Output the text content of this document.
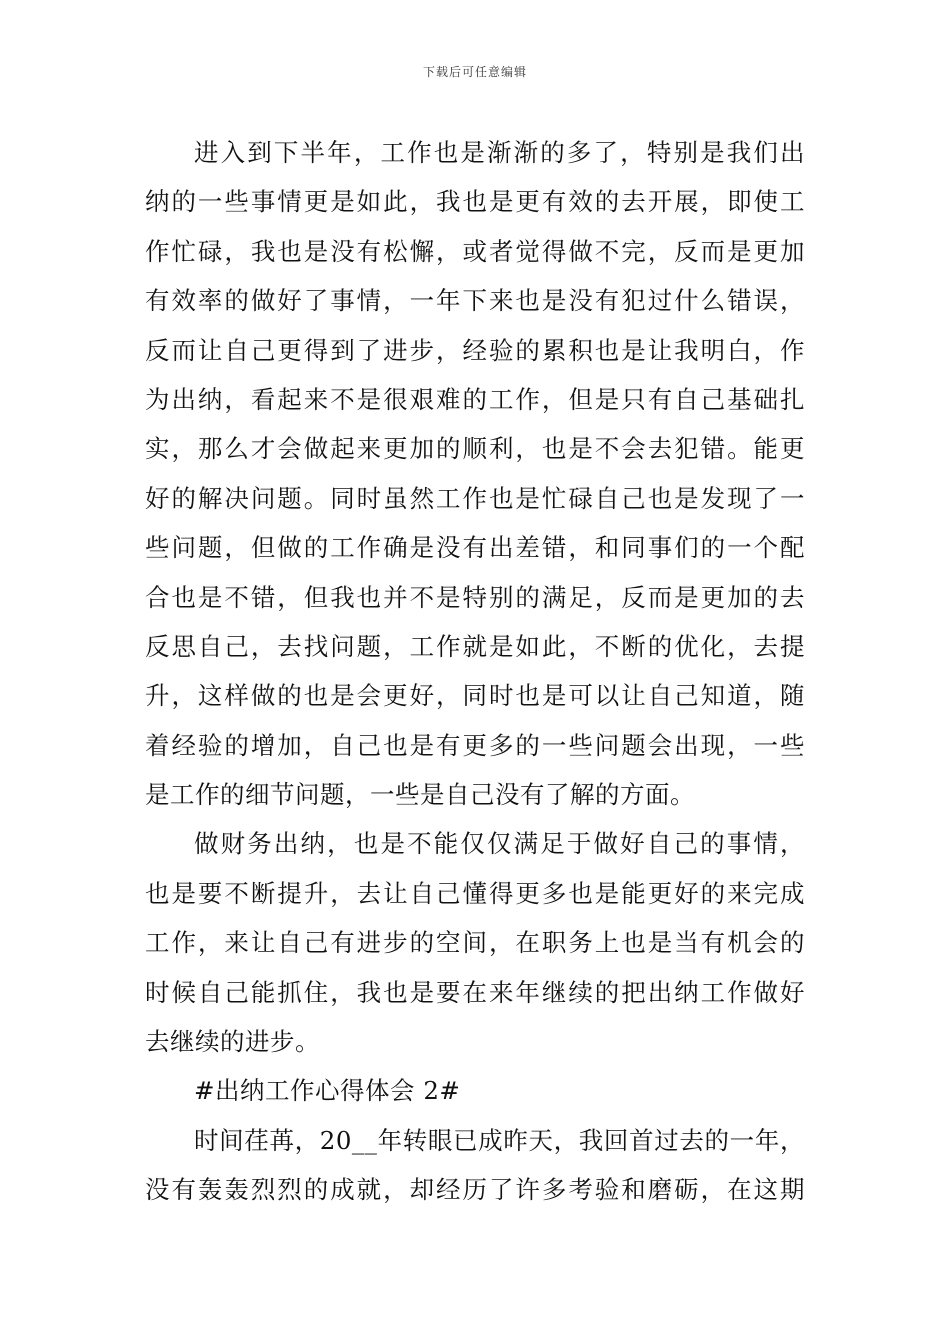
下载后可任意编辑
进入到下半年，工作也是渐渐的多了，特别是我们出
纳的一些事情更是如此，我也是更有效的去开展，即使工
作忙碌，我也是没有松懈，或者觉得做不完，反而是更加
有效率的做好了事情，一年下来也是没有犯过什么错误，
反而让自己更得到了进步，经验的累积也是让我明白，作
为出纳，看起来不是很艰难的工作，但是只有自己基础扎
实，那么才会做起来更加的顺利，也是不会去犯错。能更
好的解决问题。同时虽然工作也是忙碌自己也是发现了一
些问题，但做的工作确是没有出差错，和同事们的一个配
合也是不错，但我也并不是特别的满足，反而是更加的去
反思自己，去找问题，工作就是如此，不断的优化，去提
升，这样做的也是会更好，同时也是可以让自己知道，随
着经验的增加，自己也是有更多的一些问题会出现，一些
是工作的细节问题，一些是自己没有了解的方面。
做财务出纳，也是不能仅仅满足于做好自己的事情，
也是要不断提升，去让自己懂得更多也是能更好的来完成
工作，来让自己有进步的空间，在职务上也是当有机会的
时候自己能抓住，我也是要在来年继续的把出纳工作做好
去继续的进步。
#出纳工作心得体会 2#
时间荏苒，20__年转眼已成昨天，我回首过去的一年，
没有轰轰烈烈的成就，却经历了许多考验和磨砺，在这期
